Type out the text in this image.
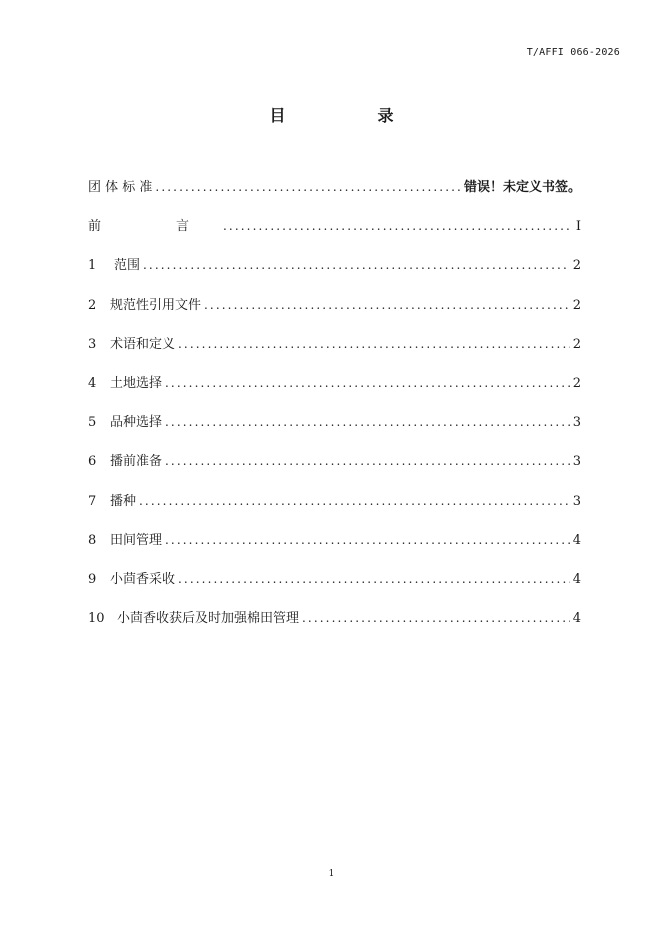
T/AFFI 066-2026
目　录
团 体 标 准 .....	错误！未定义书签。
前　言 .....	I
1	范围 .....	2
2	规范性引用文件 .....	2
3	术语和定义 .....	2
4	土地选择 .....	2
5	品种选择 .....	3
6	播前准备 .....	3
7	播种 .....	3
8	田间管理 .....	4
9	小茴香采收 .....	4
10 小茴香收获后及时加强棉田管理 .....	4
1
